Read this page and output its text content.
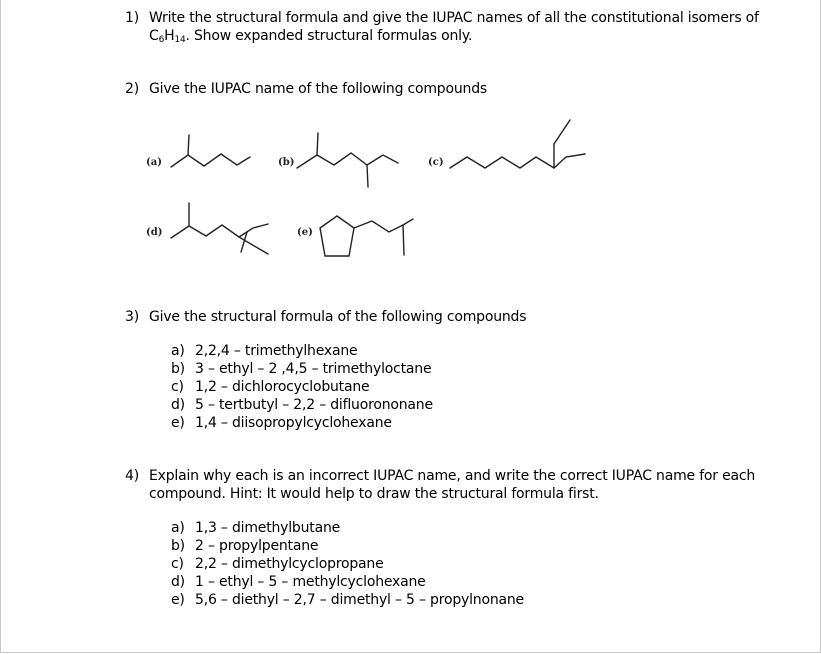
1) Write the structural formula and give the IUPAC names of all the constitutional isomers of
$C_6H_{14}$. Show expanded structural formulas only.
2) Give the IUPAC name of the following compounds
(a)	(b)	(c)
(d)	(e)
3) Give the structural formula of the following compounds
a) 2,2,4 – trimethylhexane
b) 3 – ethyl – 2 ,4,5 – trimethyloctane
c) 1,2 – dichlorocyclobutane
d) 5 – tertbutyl – 2,2 – difluorononane
e) 1,4 – diisopropylcyclohexane
4) Explain why each is an incorrect IUPAC name, and write the correct IUPAC name for each
compound. Hint: It would help to draw the structural formula first.
a) 1,3 – dimethylbutane
b) 2 – propylpentane
c) 2,2 – dimethylcyclopropane
d) 1 – ethyl – 5 – methylcyclohexane
e) 5,6 – diethyl – 2,7 – dimethyl – 5 – propylnonane
